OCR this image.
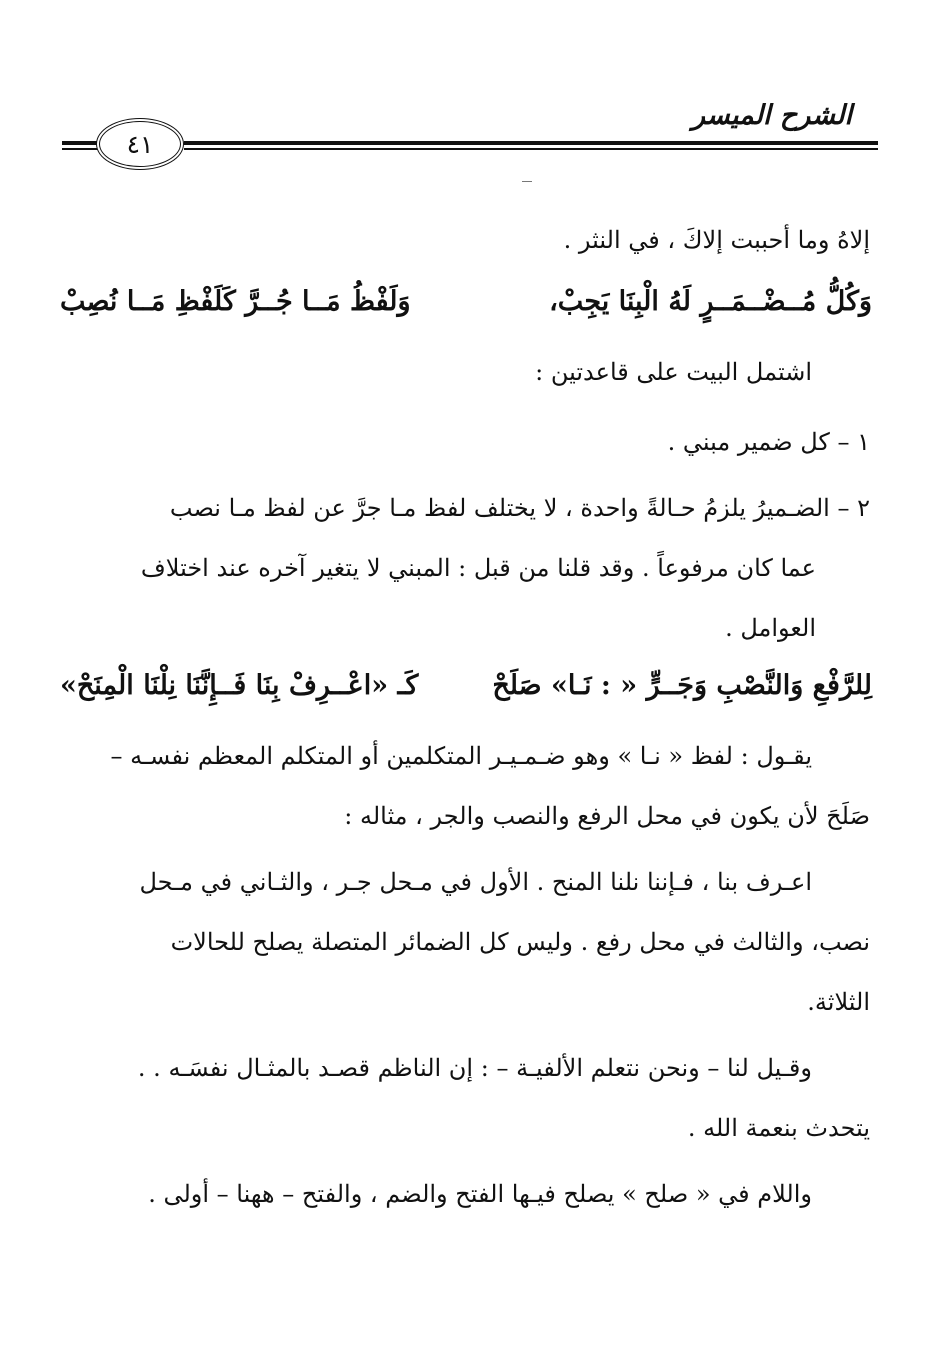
الشرح الميسر
٤١
إلاهُ وما أحببت إلاكَ ، في النثر .
وَكُلُّ مُــضْــمَــرٍ لَهُ الْبِنَا يَجِبْ،
وَلَفْظُ مَــا جُــرَّ كَلَفْظِ مَــا نُصِبْ
اشتمل البيت على قاعدتين :
١ – كل ضمير مبني .
٢ – الضـميرُ يلزمُ حـالةً واحدة ، لا يختلف لفظ مـا جرَّ عن لفظ مـا نصب
عما كان مرفوعاً . وقد قلنا من قبل : المبني لا يتغير آخره عند اختلاف
العوامل .
لِلرَّفْعِ وَالنَّصْبِ وَجَــرٍّ « : نَـا» صَلَحْ
كَـ «اعْــرِفْ بِنَا فَــإِنَّنَا نِلْنَا الْمِنَحْ»
يقـول : لفظ « نـا » وهو ضـمـيـر المتكلمين أو المتكلم المعظم نفسـه –
صَلَحَ لأن يكون في محل الرفع والنصب والجر ، مثاله :
اعـرف بنا ، فـإننا نلنا المنح . الأول في مـحل جـر ، والثـاني في مـحل
نصب، والثالث في محل رفع . وليس كل الضمائر المتصلة يصلح للحالات
الثلاثة.
وقـيل لنا – ونحن نتعلم الألفيـة – : إن الناظم قصـد بالمثـال نفسَـه . .
يتحدث بنعمة الله .
واللام في « صلح » يصلح فيـها الفتح والضم ، والفتح – ههنا – أولى .
